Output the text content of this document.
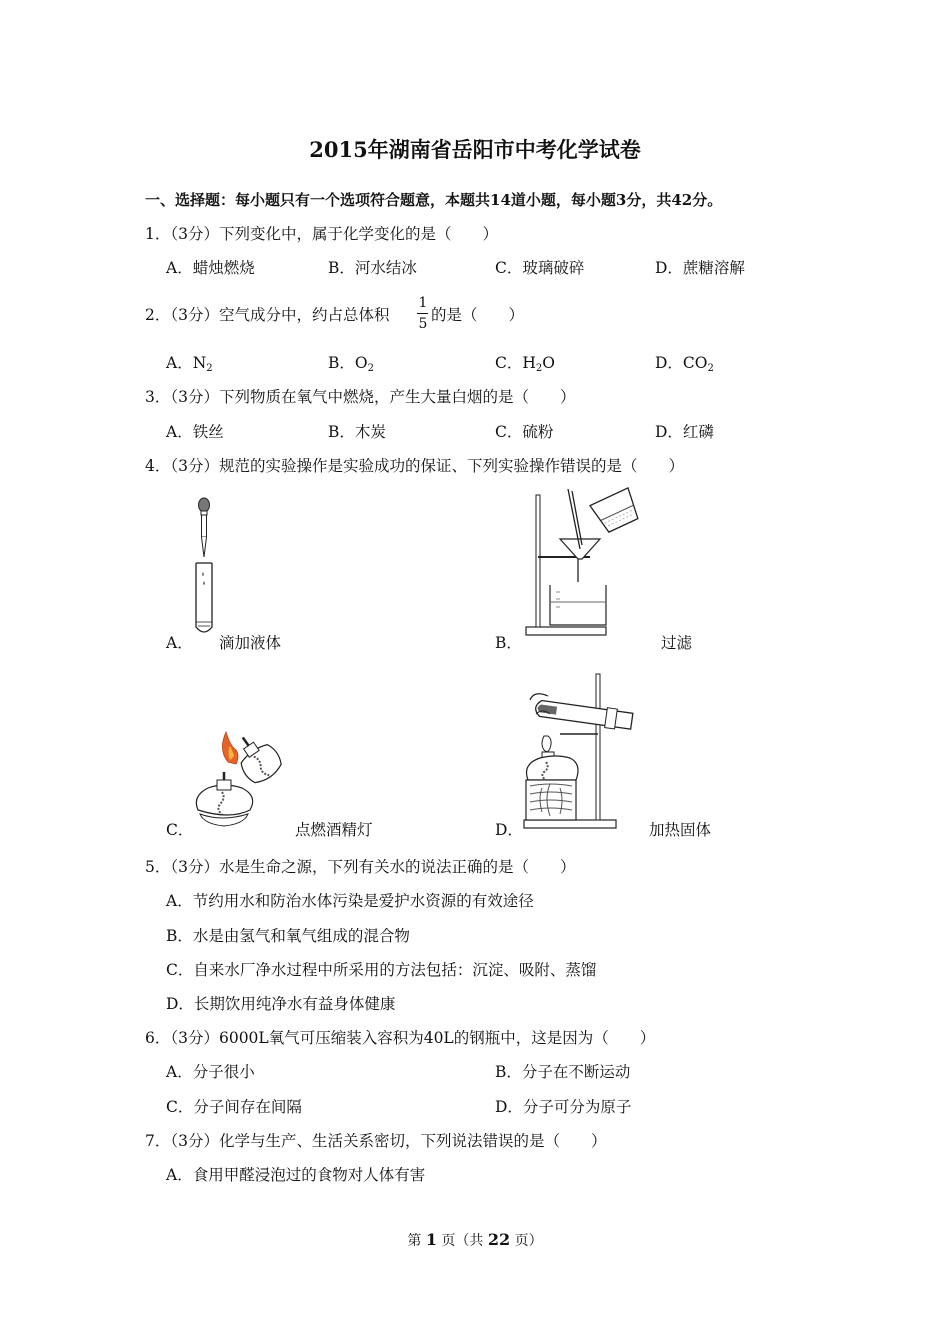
2015年湖南省岳阳市中考化学试卷
一、选择题：每小题只有一个选项符合题意，本题共14道小题，每小题3分，共42分。
1．（3分）下列变化中，属于化学变化的是（　　）
A．蜡烛燃烧	B．河水结冰	C．玻璃破碎	D．蔗糖溶解
2．（3分）空气成分中，约占总体积
1
5 的是（　　）
A．$N_2$	B．$O_2$	C．$H_2O$	D．$CO_2$
3．（3分）下列物质在氧气中燃烧，产生大量白烟的是（　　）
A．铁丝	B．木炭	C．硫粉	D．红磷
4．（3分）规范的实验操作是实验成功的保证、下列实验操作错误的是（　　）
A． 滴加液体	B．	过滤
C．	点燃酒精灯	D．	加热固体
5．（3分）水是生命之源，下列有关水的说法正确的是（　　）
A．节约用水和防治水体污染是爱护水资源的有效途径
B．水是由氢气和氧气组成的混合物
C．自来水厂净水过程中所采用的方法包括：沉淀、吸附、蒸馏
D．长期饮用纯净水有益身体健康
6．（3分）6000L氧气可压缩装入容积为40L的钢瓶中，这是因为（　　）
A．分子很小	B．分子在不断运动
C．分子间存在间隔	D．分子可分为原子
7．（3分）化学与生产、生活关系密切，下列说法错误的是（　　）
A．食用甲醛浸泡过的食物对人体有害
第 1 页（共 22 页）
